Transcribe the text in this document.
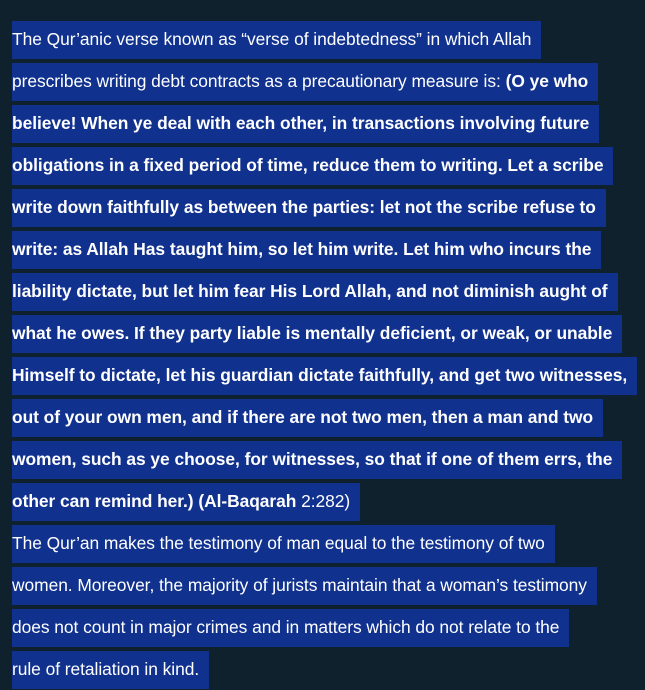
The Qur’anic verse known as “verse of indebtedness” in which Allah
prescribes writing debt contracts as a precautionary measure is: (O ye who
believe! When ye deal with each other, in transactions involving future
obligations in a fixed period of time, reduce them to writing. Let a scribe
write down faithfully as between the parties: let not the scribe refuse to
write: as Allah Has taught him, so let him write. Let him who incurs the
liability dictate, but let him fear His Lord Allah, and not diminish aught of
what he owes. If they party liable is mentally deficient, or weak, or unable
Himself to dictate, let his guardian dictate faithfully, and get two witnesses,
out of your own men, and if there are not two men, then a man and two
women, such as ye choose, for witnesses, so that if one of them errs, the
other can remind her.) (Al-Baqarah 2:282)
The Qur’an makes the testimony of man equal to the testimony of two
women. Moreover, the majority of jurists maintain that a woman’s testimony
does not count in major crimes and in matters which do not relate to the
rule of retaliation in kind.
